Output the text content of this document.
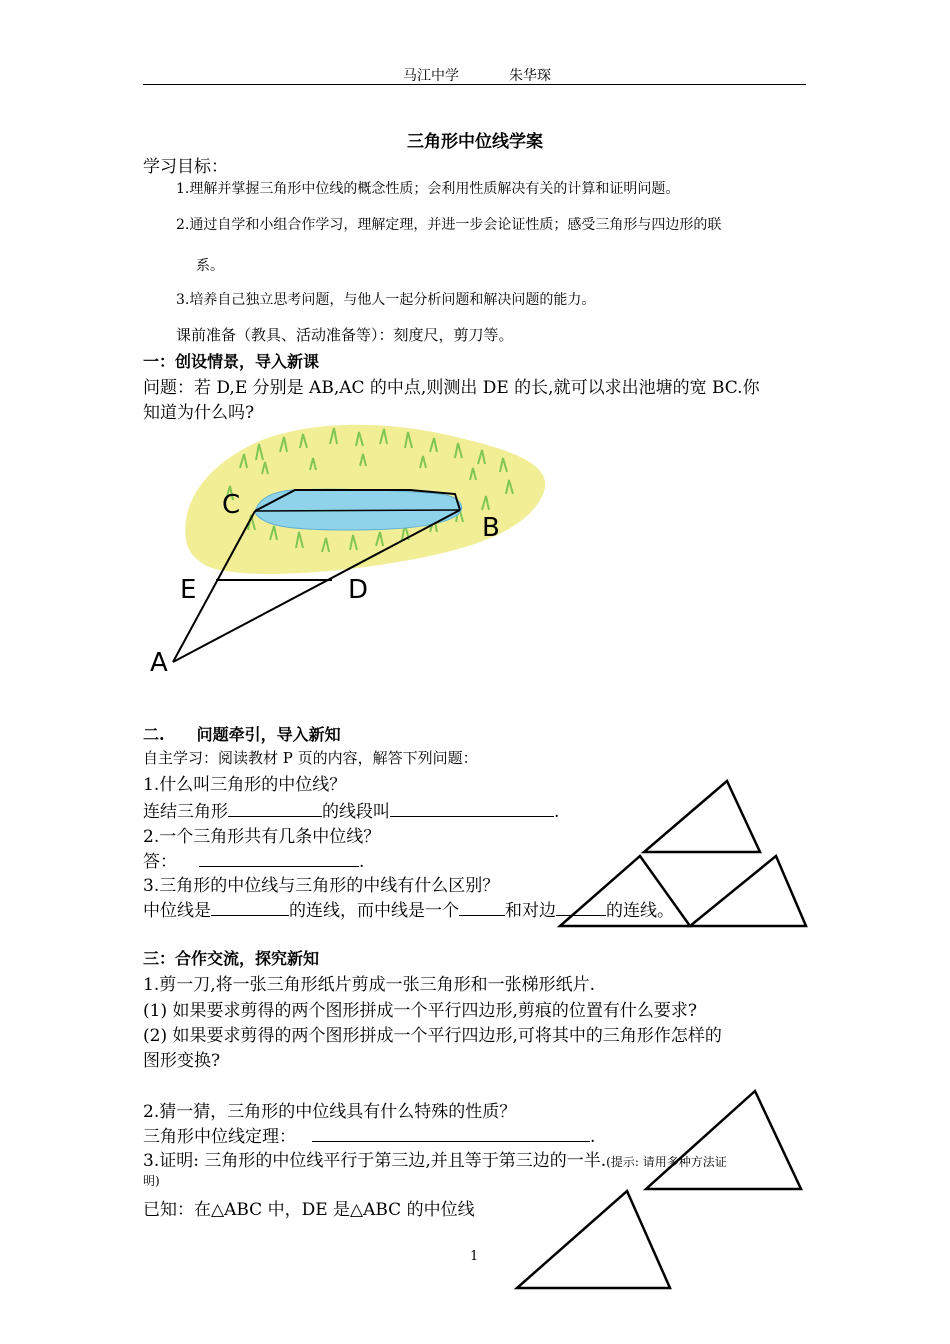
马江中学	朱华琛
三角形中位线学案
学习目标：
1.理解并掌握三角形中位线的概念性质；会利用性质解决有关的计算和证明问题。
2.通过自学和小组合作学习，理解定理，并进一步会论证性质；感受三角形与四边形的联
系。
3.培养自己独立思考问题，与他人一起分析问题和解决问题的能力。
课前准备（教具、活动准备等）：刻度尺，剪刀等。
一：创设情景，导入新课
问题：若 D,E 分别是 AB,AC 的中点,则测出 DE 的长,就可以求出池塘的宽 BC.你
知道为什么吗?
C
B
E	D
A
二.　　问题牵引，导入新知
自主学习：阅读教材 P 页的内容，解答下列问题：
1.什么叫三角形的中位线？
连结三角形	的线段叫	.
2.一个三角形共有几条中位线？
答：	.
3.三角形的中位线与三角形的中线有什么区别？
中位线是	的连线，而中线是一个	和对边	的连线。
三：合作交流，探究新知
1.剪一刀,将一张三角形纸片剪成一张三角形和一张梯形纸片.
(1) 如果要求剪得的两个图形拼成一个平行四边形,剪痕的位置有什么要求?
(2) 如果要求剪得的两个图形拼成一个平行四边形,可将其中的三角形作怎样的
图形变换?
2.猜一猜，三角形的中位线具有什么特殊的性质？
三角形中位线定理：	.
3.证明: 三角形的中位线平行于第三边,并且等于第三边的一半.(提示: 请用多种方法证
明)
已知：在△ABC 中，DE 是△ABC 的中位线
1
